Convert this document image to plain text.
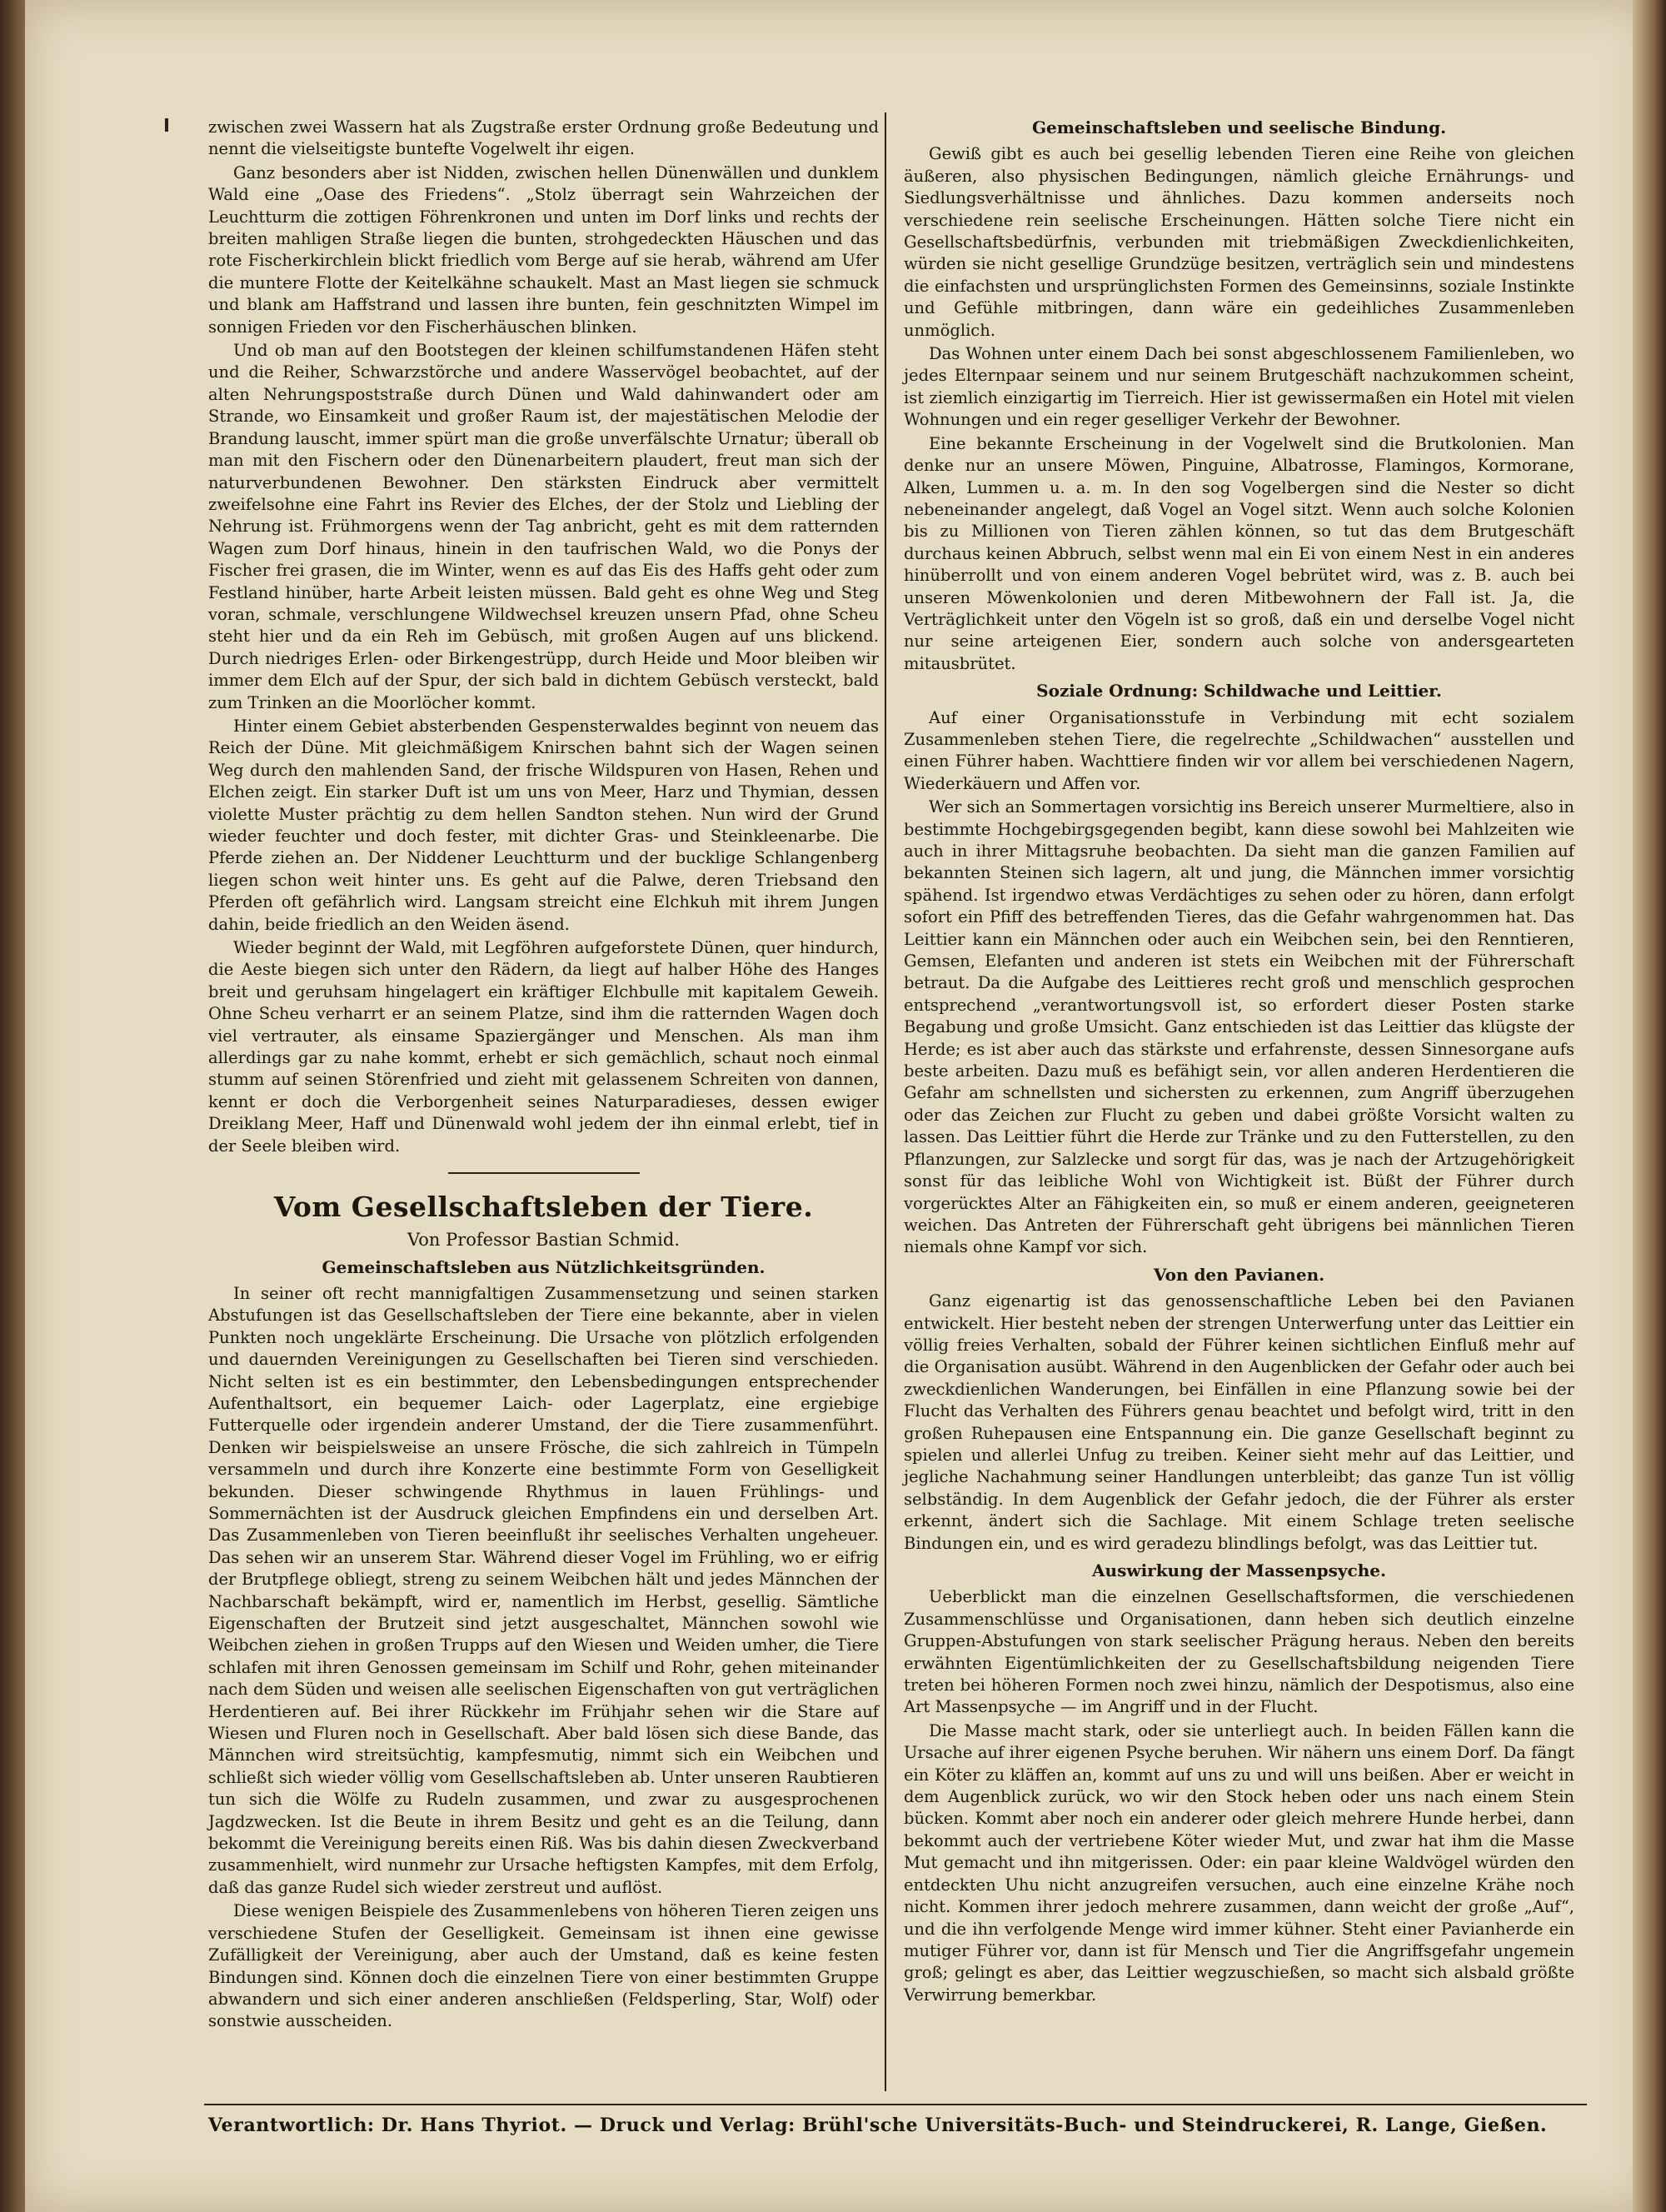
zwischen zwei Wassern hat als Zugstraße erster Ordnung große Bedeutung und nennt die vielseitigste buntefte Vogelwelt ihr eigen.

Ganz besonders aber ist Nidden, zwischen hellen Dünenwällen und dunklem Wald eine „Oase des Friedens“. „Stolz überragt sein Wahrzeichen der Leuchtturm die zottigen Föhrenkronen und unten im Dorf links und rechts der breiten mahligen Straße liegen die bunten, strohgedeckten Häuschen und das rote Fischerkirchlein blickt friedlich vom Berge auf sie herab, während am Ufer die muntere Flotte der Keitelkähne schaukelt. Mast an Mast liegen sie schmuck und blank am Haffstrand und lassen ihre bunten, fein geschnitzten Wimpel im sonnigen Frieden vor den Fischerhäuschen blinken.

Und ob man auf den Bootstegen der kleinen schilfumstandenen Häfen steht und die Reiher, Schwarzstörche und andere Wasservögel beobachtet, auf der alten Nehrungspoststraße durch Dünen und Wald dahinwandert oder am Strande, wo Einsamkeit und großer Raum ist, der majestätischen Melodie der Brandung lauscht, immer spürt man die große unverfälschte Urnatur; überall ob man mit den Fischern oder den Dünenarbeitern plaudert, freut man sich der naturverbundenen Bewohner. Den stärksten Eindruck aber vermittelt zweifelsohne eine Fahrt ins Revier des Elches, der der Stolz und Liebling der Nehrung ist. Frühmorgens wenn der Tag anbricht, geht es mit dem ratternden Wagen zum Dorf hinaus, hinein in den taufrischen Wald, wo die Ponys der Fischer frei grasen, die im Winter, wenn es auf das Eis des Haffs geht oder zum Festland hinüber, harte Arbeit leisten müssen. Bald geht es ohne Weg und Steg voran, schmale, verschlungene Wildwechsel kreuzen unsern Pfad, ohne Scheu steht hier und da ein Reh im Gebüsch, mit großen Augen auf uns blickend. Durch niedriges Erlen- oder Birkengestrüpp, durch Heide und Moor bleiben wir immer dem Elch auf der Spur, der sich bald in dichtem Gebüsch versteckt, bald zum Trinken an die Moorlöcher kommt.

Hinter einem Gebiet absterbenden Gespensterwaldes beginnt von neuem das Reich der Düne. Mit gleichmäßigem Knirschen bahnt sich der Wagen seinen Weg durch den mahlenden Sand, der frische Wildspuren von Hasen, Rehen und Elchen zeigt. Ein starker Duft ist um uns von Meer, Harz und Thymian, dessen violette Muster prächtig zu dem hellen Sandton stehen. Nun wird der Grund wieder feuchter und doch fester, mit dichter Gras- und Steinkleenarbe. Die Pferde ziehen an. Der Niddener Leuchtturm und der bucklige Schlangenberg liegen schon weit hinter uns. Es geht auf die Palwe, deren Triebsand den Pferden oft gefährlich wird. Langsam streicht eine Elchkuh mit ihrem Jungen dahin, beide friedlich an den Weiden äsend.

Wieder beginnt der Wald, mit Legföhren aufgeforstete Dünen, quer hindurch, die Aeste biegen sich unter den Rädern, da liegt auf halber Höhe des Hanges breit und geruhsam hingelagert ein kräftiger Elchbulle mit kapitalem Geweih. Ohne Scheu verharrt er an seinem Platze, sind ihm die ratternden Wagen doch viel vertrauter, als einsame Spaziergänger und Menschen. Als man ihm allerdings gar zu nahe kommt, erhebt er sich gemächlich, schaut noch einmal stumm auf seinen Störenfried und zieht mit gelassenem Schreiten von dannen, kennt er doch die Verborgenheit seines Naturparadieses, dessen ewiger Dreiklang Meer, Haff und Dünenwald wohl jedem der ihn einmal erlebt, tief in der Seele bleiben wird.

Vom Gesellschaftsleben der Tiere.
Von Professor Bastian Schmid.
Gemeinschaftsleben aus Nützlichkeitsgründen.

In seiner oft recht mannigfaltigen Zusammensetzung und seinen starken Abstufungen ist das Gesellschaftsleben der Tiere eine bekannte, aber in vielen Punkten noch ungeklärte Erscheinung. Die Ursache von plötzlich erfolgenden und dauernden Vereinigungen zu Gesellschaften bei Tieren sind verschieden. Nicht selten ist es ein bestimmter, den Lebensbedingungen entsprechender Aufenthaltsort, ein bequemer Laich- oder Lagerplatz, eine ergiebige Futterquelle oder irgendein anderer Umstand, der die Tiere zusammenführt. Denken wir beispielsweise an unsere Frösche, die sich zahlreich in Tümpeln versammeln und durch ihre Konzerte eine bestimmte Form von Geselligkeit bekunden. Dieser schwingende Rhythmus in lauen Frühlings- und Sommernächten ist der Ausdruck gleichen Empfindens ein und derselben Art. Das Zusammenleben von Tieren beeinflußt ihr seelisches Verhalten ungeheuer. Das sehen wir an unserem Star. Während dieser Vogel im Frühling, wo er eifrig der Brutpflege obliegt, streng zu seinem Weibchen hält und jedes Männchen der Nachbarschaft bekämpft, wird er, namentlich im Herbst, gesellig. Sämtliche Eigenschaften der Brutzeit sind jetzt ausgeschaltet, Männchen sowohl wie Weibchen ziehen in großen Trupps auf den Wiesen und Weiden umher, die Tiere schlafen mit ihren Genossen gemeinsam im Schilf und Rohr, gehen miteinander nach dem Süden und weisen alle seelischen Eigenschaften von gut verträglichen Herdentieren auf. Bei ihrer Rückkehr im Frühjahr sehen wir die Stare auf Wiesen und Fluren noch in Gesellschaft. Aber bald lösen sich diese Bande, das Männchen wird streitsüchtig, kampfesmutig, nimmt sich ein Weibchen und schließt sich wieder völlig vom Gesellschaftsleben ab. Unter unseren Raubtieren tun sich die Wölfe zu Rudeln zusammen, und zwar zu ausgesprochenen Jagdzwecken. Ist die Beute in ihrem Besitz und geht es an die Teilung, dann bekommt die Vereinigung bereits einen Riß. Was bis dahin diesen Zweckverband zusammenhielt, wird nunmehr zur Ursache heftigsten Kampfes, mit dem Erfolg, daß das ganze Rudel sich wieder zerstreut und auflöst.

Diese wenigen Beispiele des Zusammenlebens von höheren Tieren zeigen uns verschiedene Stufen der Geselligkeit. Gemeinsam ist ihnen eine gewisse Zufälligkeit der Vereinigung, aber auch der Umstand, daß es keine festen Bindungen sind. Können doch die einzelnen Tiere von einer bestimmten Gruppe abwandern und sich einer anderen anschließen (Feldsperling, Star, Wolf) oder sonstwie ausscheiden.

Gemeinschaftsleben und seelische Bindung.

Gewiß gibt es auch bei gesellig lebenden Tieren eine Reihe von gleichen äußeren, also physischen Bedingungen, nämlich gleiche Ernährungs- und Siedlungsverhältnisse und ähnliches. Dazu kommen anderseits noch verschiedene rein seelische Erscheinungen. Hätten solche Tiere nicht ein Gesellschaftsbedürfnis, verbunden mit triebmäßigen Zweckdienlichkeiten, würden sie nicht gesellige Grundzüge besitzen, verträglich sein und mindestens die einfachsten und ursprünglichsten Formen des Gemeinsinns, soziale Instinkte und Gefühle mitbringen, dann wäre ein gedeihliches Zusammenleben unmöglich.

Das Wohnen unter einem Dach bei sonst abgeschlossenem Familienleben, wo jedes Elternpaar seinem und nur seinem Brutgeschäft nachzukommen scheint, ist ziemlich einzigartig im Tierreich. Hier ist gewissermaßen ein Hotel mit vielen Wohnungen und ein reger geselliger Verkehr der Bewohner.

Eine bekannte Erscheinung in der Vogelwelt sind die Brutkolonien. Man denke nur an unsere Möwen, Pinguine, Albatrosse, Flamingos, Kormorane, Alken, Lummen u. a. m. In den sog Vogelbergen sind die Nester so dicht nebeneinander angelegt, daß Vogel an Vogel sitzt. Wenn auch solche Kolonien bis zu Millionen von Tieren zählen können, so tut das dem Brutgeschäft durchaus keinen Abbruch, selbst wenn mal ein Ei von einem Nest in ein anderes hinüberrollt und von einem anderen Vogel bebrütet wird, was z. B. auch bei unseren Möwenkolonien und deren Mitbewohnern der Fall ist. Ja, die Verträglichkeit unter den Vögeln ist so groß, daß ein und derselbe Vogel nicht nur seine arteigenen Eier, sondern auch solche von andersgearteten mitausbrütet.

Soziale Ordnung: Schildwache und Leittier.

Auf einer Organisationsstufe in Verbindung mit echt sozialem Zusammenleben stehen Tiere, die regelrechte „Schildwachen“ ausstellen und einen Führer haben. Wachttiere finden wir vor allem bei verschiedenen Nagern, Wiederkäuern und Affen vor.

Wer sich an Sommertagen vorsichtig ins Bereich unserer Murmeltiere, also in bestimmte Hochgebirgsgegenden begibt, kann diese sowohl bei Mahlzeiten wie auch in ihrer Mittagsruhe beobachten. Da sieht man die ganzen Familien auf bekannten Steinen sich lagern, alt und jung, die Männchen immer vorsichtig spähend. Ist irgendwo etwas Verdächtiges zu sehen oder zu hören, dann erfolgt sofort ein Pfiff des betreffenden Tieres, das die Gefahr wahrgenommen hat. Das Leittier kann ein Männchen oder auch ein Weibchen sein, bei den Renntieren, Gemsen, Elefanten und anderen ist stets ein Weibchen mit der Führerschaft betraut. Da die Aufgabe des Leittieres recht groß und menschlich gesprochen entsprechend „verantwortungsvoll ist, so erfordert dieser Posten starke Begabung und große Umsicht. Ganz entschieden ist das Leittier das klügste der Herde; es ist aber auch das stärkste und erfahrenste, dessen Sinnesorgane aufs beste arbeiten. Dazu muß es befähigt sein, vor allen anderen Herdentieren die Gefahr am schnellsten und sichersten zu erkennen, zum Angriff überzugehen oder das Zeichen zur Flucht zu geben und dabei größte Vorsicht walten zu lassen. Das Leittier führt die Herde zur Tränke und zu den Futterstellen, zu den Pflanzungen, zur Salzlecke und sorgt für das, was je nach der Artzugehörigkeit sonst für das leibliche Wohl von Wichtigkeit ist. Büßt der Führer durch vorgerücktes Alter an Fähigkeiten ein, so muß er einem anderen, geeigneteren weichen. Das Antreten der Führerschaft geht übrigens bei männlichen Tieren niemals ohne Kampf vor sich.

Von den Pavianen.

Ganz eigenartig ist das genossenschaftliche Leben bei den Pavianen entwickelt. Hier besteht neben der strengen Unterwerfung unter das Leittier ein völlig freies Verhalten, sobald der Führer keinen sichtlichen Einfluß mehr auf die Organisation ausübt. Während in den Augenblicken der Gefahr oder auch bei zweckdienlichen Wanderungen, bei Einfällen in eine Pflanzung sowie bei der Flucht das Verhalten des Führers genau beachtet und befolgt wird, tritt in den großen Ruhepausen eine Entspannung ein. Die ganze Gesellschaft beginnt zu spielen und allerlei Unfug zu treiben. Keiner sieht mehr auf das Leittier, und jegliche Nachahmung seiner Handlungen unterbleibt; das ganze Tun ist völlig selbständig. In dem Augenblick der Gefahr jedoch, die der Führer als erster erkennt, ändert sich die Sachlage. Mit einem Schlage treten seelische Bindungen ein, und es wird geradezu blindlings befolgt, was das Leittier tut.

Auswirkung der Massenpsyche.

Ueberblickt man die einzelnen Gesellschaftsformen, die verschiedenen Zusammenschlüsse und Organisationen, dann heben sich deutlich einzelne Gruppen-Abstufungen von stark seelischer Prägung heraus. Neben den bereits erwähnten Eigentümlichkeiten der zu Gesellschaftsbildung neigenden Tiere treten bei höheren Formen noch zwei hinzu, nämlich der Despotismus, also eine Art Massenpsyche — im Angriff und in der Flucht.

Die Masse macht stark, oder sie unterliegt auch. In beiden Fällen kann die Ursache auf ihrer eigenen Psyche beruhen. Wir nähern uns einem Dorf. Da fängt ein Köter zu kläffen an, kommt auf uns zu und will uns beißen. Aber er weicht in dem Augenblick zurück, wo wir den Stock heben oder uns nach einem Stein bücken. Kommt aber noch ein anderer oder gleich mehrere Hunde herbei, dann bekommt auch der vertriebene Köter wieder Mut, und zwar hat ihm die Masse Mut gemacht und ihn mitgerissen. Oder: ein paar kleine Waldvögel würden den entdeckten Uhu nicht anzugreifen versuchen, auch eine einzelne Krähe noch nicht. Kommen ihrer jedoch mehrere zusammen, dann weicht der große „Auf“, und die ihn verfolgende Menge wird immer kühner. Steht einer Pavianherde ein mutiger Führer vor, dann ist für Mensch und Tier die Angriffsgefahr ungemein groß; gelingt es aber, das Leittier wegzuschießen, so macht sich alsbald größte Verwirrung bemerkbar.

Verantwortlich: Dr. Hans Thyriot. — Druck und Verlag: Brühl'sche Universitäts-Buch- und Steindruckerei, R. Lange, Gießen.
